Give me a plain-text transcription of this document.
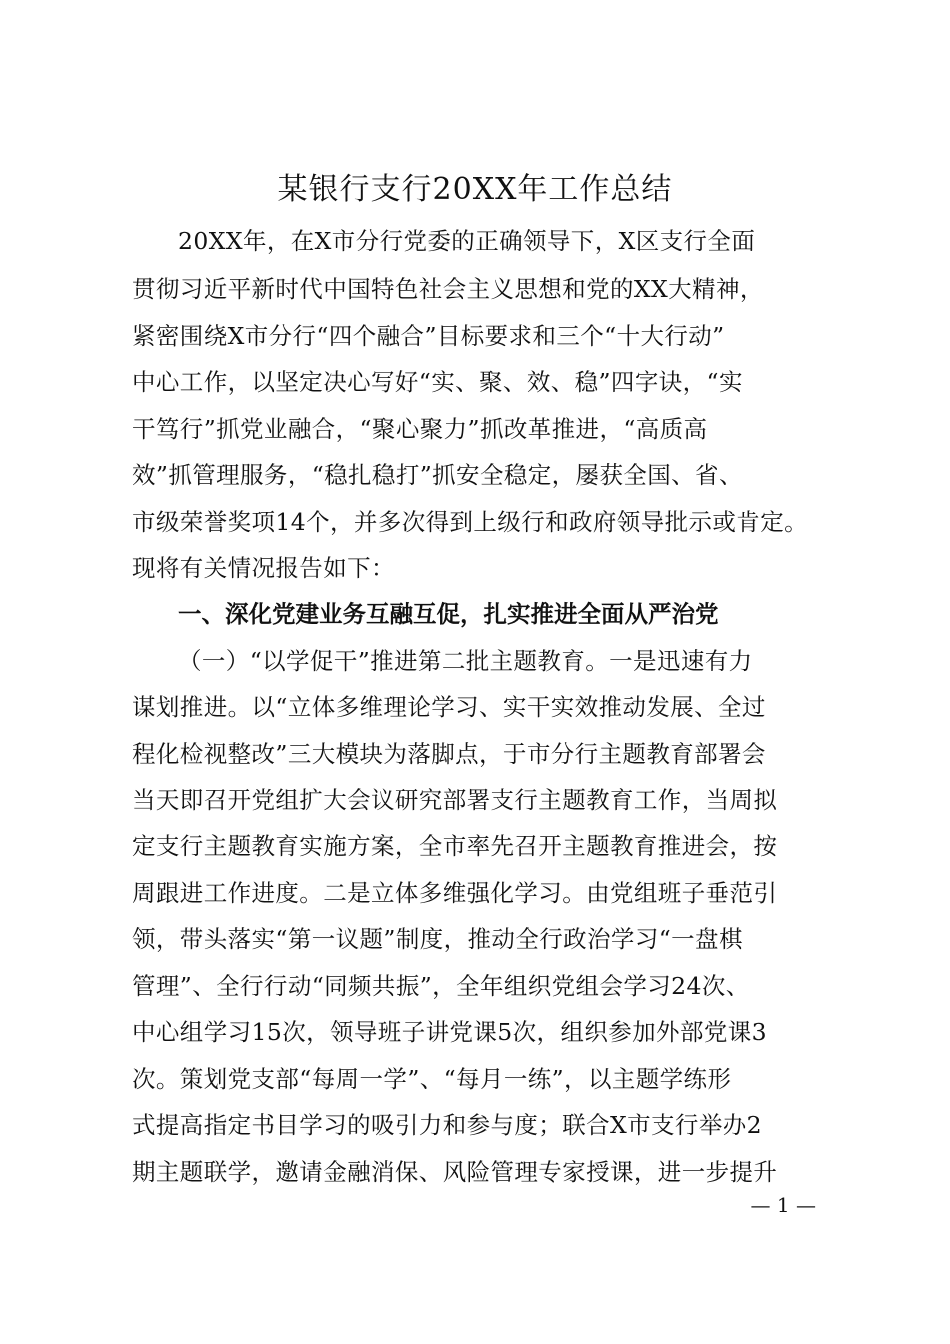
某银行支行20XX年工作总结
20XX年，在X市分行党委的正确领导下，X区支行全面
贯彻习近平新时代中国特色社会主义思想和党的XX大精神，
紧密围绕X市分行“四个融合”目标要求和三个“十大行动”
中心工作，以坚定决心写好“实、聚、效、稳”四字诀，“实
干笃行”抓党业融合，“聚心聚力”抓改革推进，“高质高
效”抓管理服务，“稳扎稳打”抓安全稳定，屡获全国、省、
市级荣誉奖项14个，并多次得到上级行和政府领导批示或肯定。
现将有关情况报告如下：
一、深化党建业务互融互促，扎实推进全面从严治党
（一）“以学促干”推进第二批主题教育。一是迅速有力
谋划推进。以“立体多维理论学习、实干实效推动发展、全过
程化检视整改”三大模块为落脚点，于市分行主题教育部署会
当天即召开党组扩大会议研究部署支行主题教育工作，当周拟
定支行主题教育实施方案，全市率先召开主题教育推进会，按
周跟进工作进度。二是立体多维强化学习。由党组班子垂范引
领，带头落实“第一议题”制度，推动全行政治学习“一盘棋
管理”、全行行动“同频共振”，全年组织党组会学习24次、
中心组学习15次，领导班子讲党课5次，组织参加外部党课3
次。策划党支部“每周一学”、“每月一练”，以主题学练形
式提高指定书目学习的吸引力和参与度；联合X市支行举办2
期主题联学，邀请金融消保、风险管理专家授课，进一步提升
— 1 —
